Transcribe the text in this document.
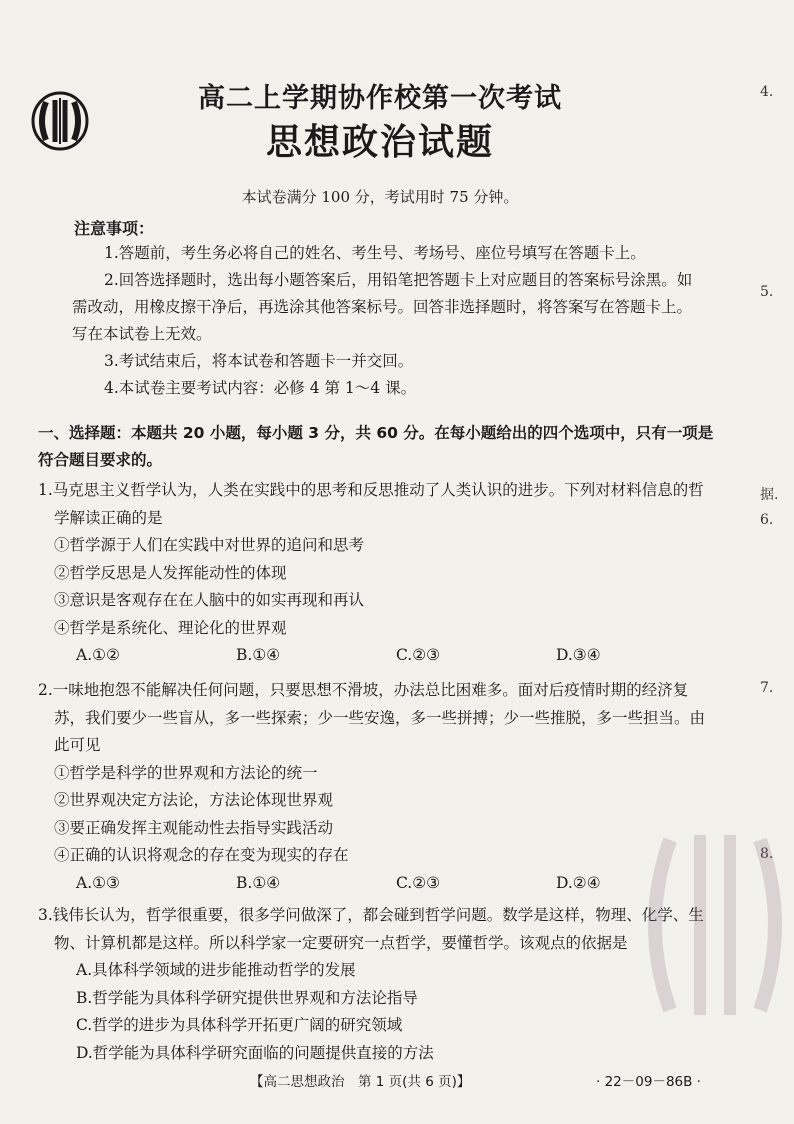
高二上学期协作校第一次考试
思想政治试题
本试卷满分 100 分，考试用时 75 分钟。
注意事项：

1.答题前，考生务必将自己的姓名、考生号、考场号、座位号填写在答题卡上。

2.回答选择题时，选出每小题答案后，用铅笔把答题卡上对应题目的答案标号涂黑。如需改动，用橡皮擦干净后，再选涂其他答案标号。回答非选择题时，将答案写在答题卡上。写在本试卷上无效。

3.考试结束后，将本试卷和答题卡一并交回。

4.本试卷主要考试内容：必修 4 第 1～4 课。

一、选择题：本题共 20 小题，每小题 3 分，共 60 分。在每小题给出的四个选项中，只有一项是符合题目要求的。

1.马克思主义哲学认为，人类在实践中的思考和反思推动了人类认识的进步。下列对材料信息的哲学解读正确的是

①哲学源于人们在实践中对世界的追问和思考

②哲学反思是人发挥能动性的体现

③意识是客观存在在人脑中的如实再现和再认

④哲学是系统化、理论化的世界观

A.①②	B.①④	C.②③	D.③④

2.一味地抱怨不能解决任何问题，只要思想不滑坡，办法总比困难多。面对后疫情时期的经济复苏，我们要少一些盲从，多一些探索；少一些安逸，多一些拼搏；少一些推脱，多一些担当。由此可见

①哲学是科学的世界观和方法论的统一

②世界观决定方法论，方法论体现世界观

③要正确发挥主观能动性去指导实践活动

④正确的认识将观念的存在变为现实的存在

A.①③	B.①④	C.②③	D.②④

3.钱伟长认为，哲学很重要，很多学问做深了，都会碰到哲学问题。数学是这样，物理、化学、生物、计算机都是这样。所以科学家一定要研究一点哲学，要懂哲学。该观点的依据是

A.具体科学领域的进步能推动哲学的发展

B.哲学能为具体科学研究提供世界观和方法论指导

C.哲学的进步为具体科学开拓更广阔的研究领域

D.哲学能为具体科学研究面临的问题提供直接的方法

【高二思想政治　第 1 页(共 6 页)】	· 22－09－86B ·
4.
5.
据.
6.
7.
8.
